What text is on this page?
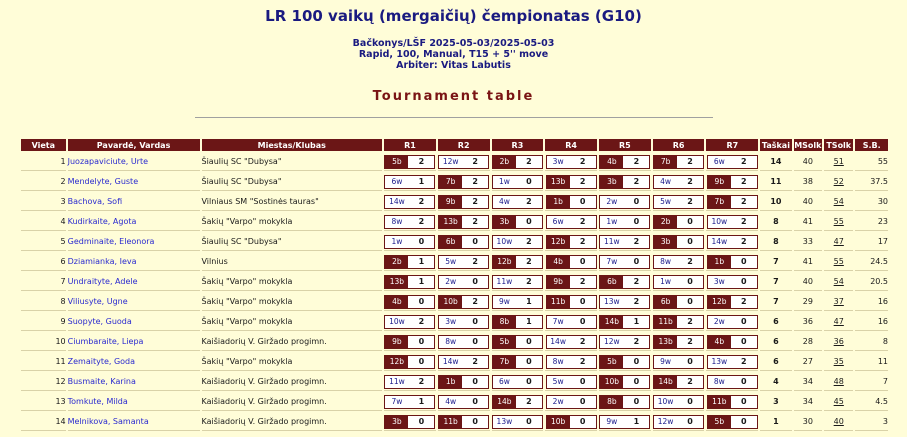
LR 100 vaikų (mergaičių) čempionatas (G10)
Bačkonys/LŠF 2025-05-03/2025-05-03
Rapid, 100, Manual, T15 + 5'' move
Arbiter: Vitas Labutis
Tournament table
Vieta	Pavardė, Vardas	Miestas/Klubas	R1	R2	R3	R4	R5	R6	R7	Taškai	MSolk	TSolk	S.B.
1	Juozapaviciute, Urte	Šiaulių SC "Dubysa"	5b 2	12w 2	2b 2	3w 2	4b 2	7b 2	6w 2	14	40	51	55
2	Mendelyte, Guste	Šiaulių SC "Dubysa"	6w 1	7b 2	1w 0	13b 2	3b 2	4w 2	9b 2	11	38	52	37.5
3	Bachova, Sofi	Vilniaus SM "Sostinės tauras"	14w 2	9b 2	4w 2	1b 0	2w 0	5w 2	7b 2	10	40	54	30
4	Kudirkaite, Agota	Šakių "Varpo" mokykla	8w 2	13b 2	3b 0	6w 2	1w 0	2b 0	10w 2	8	41	55	23
5	Gedminaite, Eleonora	Šiaulių SC "Dubysa"	1w 0	6b 0	10w 2	12b 2	11w 2	3b 0	14w 2	8	33	47	17
6	Dziamianka, Ieva	Vilnius	2b 1	5w 2	12b 2	4b 0	7w 0	8w 2	1b 0	7	41	55	24.5
7	Undraityte, Adele	Šakių "Varpo" mokykla	13b 1	2w 0	11w 2	9b 2	6b 2	1w 0	3w 0	7	40	54	20.5
8	Viliusyte, Ugne	Šakių "Varpo" mokykla	4b 0	10b 2	9w 1	11b 0	13w 2	6b 0	12b 2	7	29	37	16
9	Suopyte, Guoda	Šakių "Varpo" mokykla	10w 2	3w 0	8b 1	7w 0	14b 1	11b 2	2w 0	6	36	47	16
10	Ciumbaraite, Liepa	Kaišiadorių V. Giržado progimn.	9b 0	8w 0	5b 0	14w 2	12w 2	13b 2	4b 0	6	28	36	8
11	Zemaityte, Goda	Šakių "Varpo" mokykla	12b 0	14w 2	7b 0	8w 2	5b 0	9w 0	13w 2	6	27	35	11
12	Busmaite, Karina	Kaišiadorių V. Giržado progimn.	11w 2	1b 0	6w 0	5w 0	10b 0	14b 2	8w 0	4	34	48	7
13	Tomkute, Milda	Kaišiadorių V. Giržado progimn.	7w 1	4w 0	14b 2	2w 0	8b 0	10w 0	11b 0	3	34	45	4.5
14	Melnikova, Samanta	Kaišiadorių V. Giržado progimn.	3b 0	11b 0	13w 0	10b 0	9w 1	12w 0	5b 0	1	30	40	3
